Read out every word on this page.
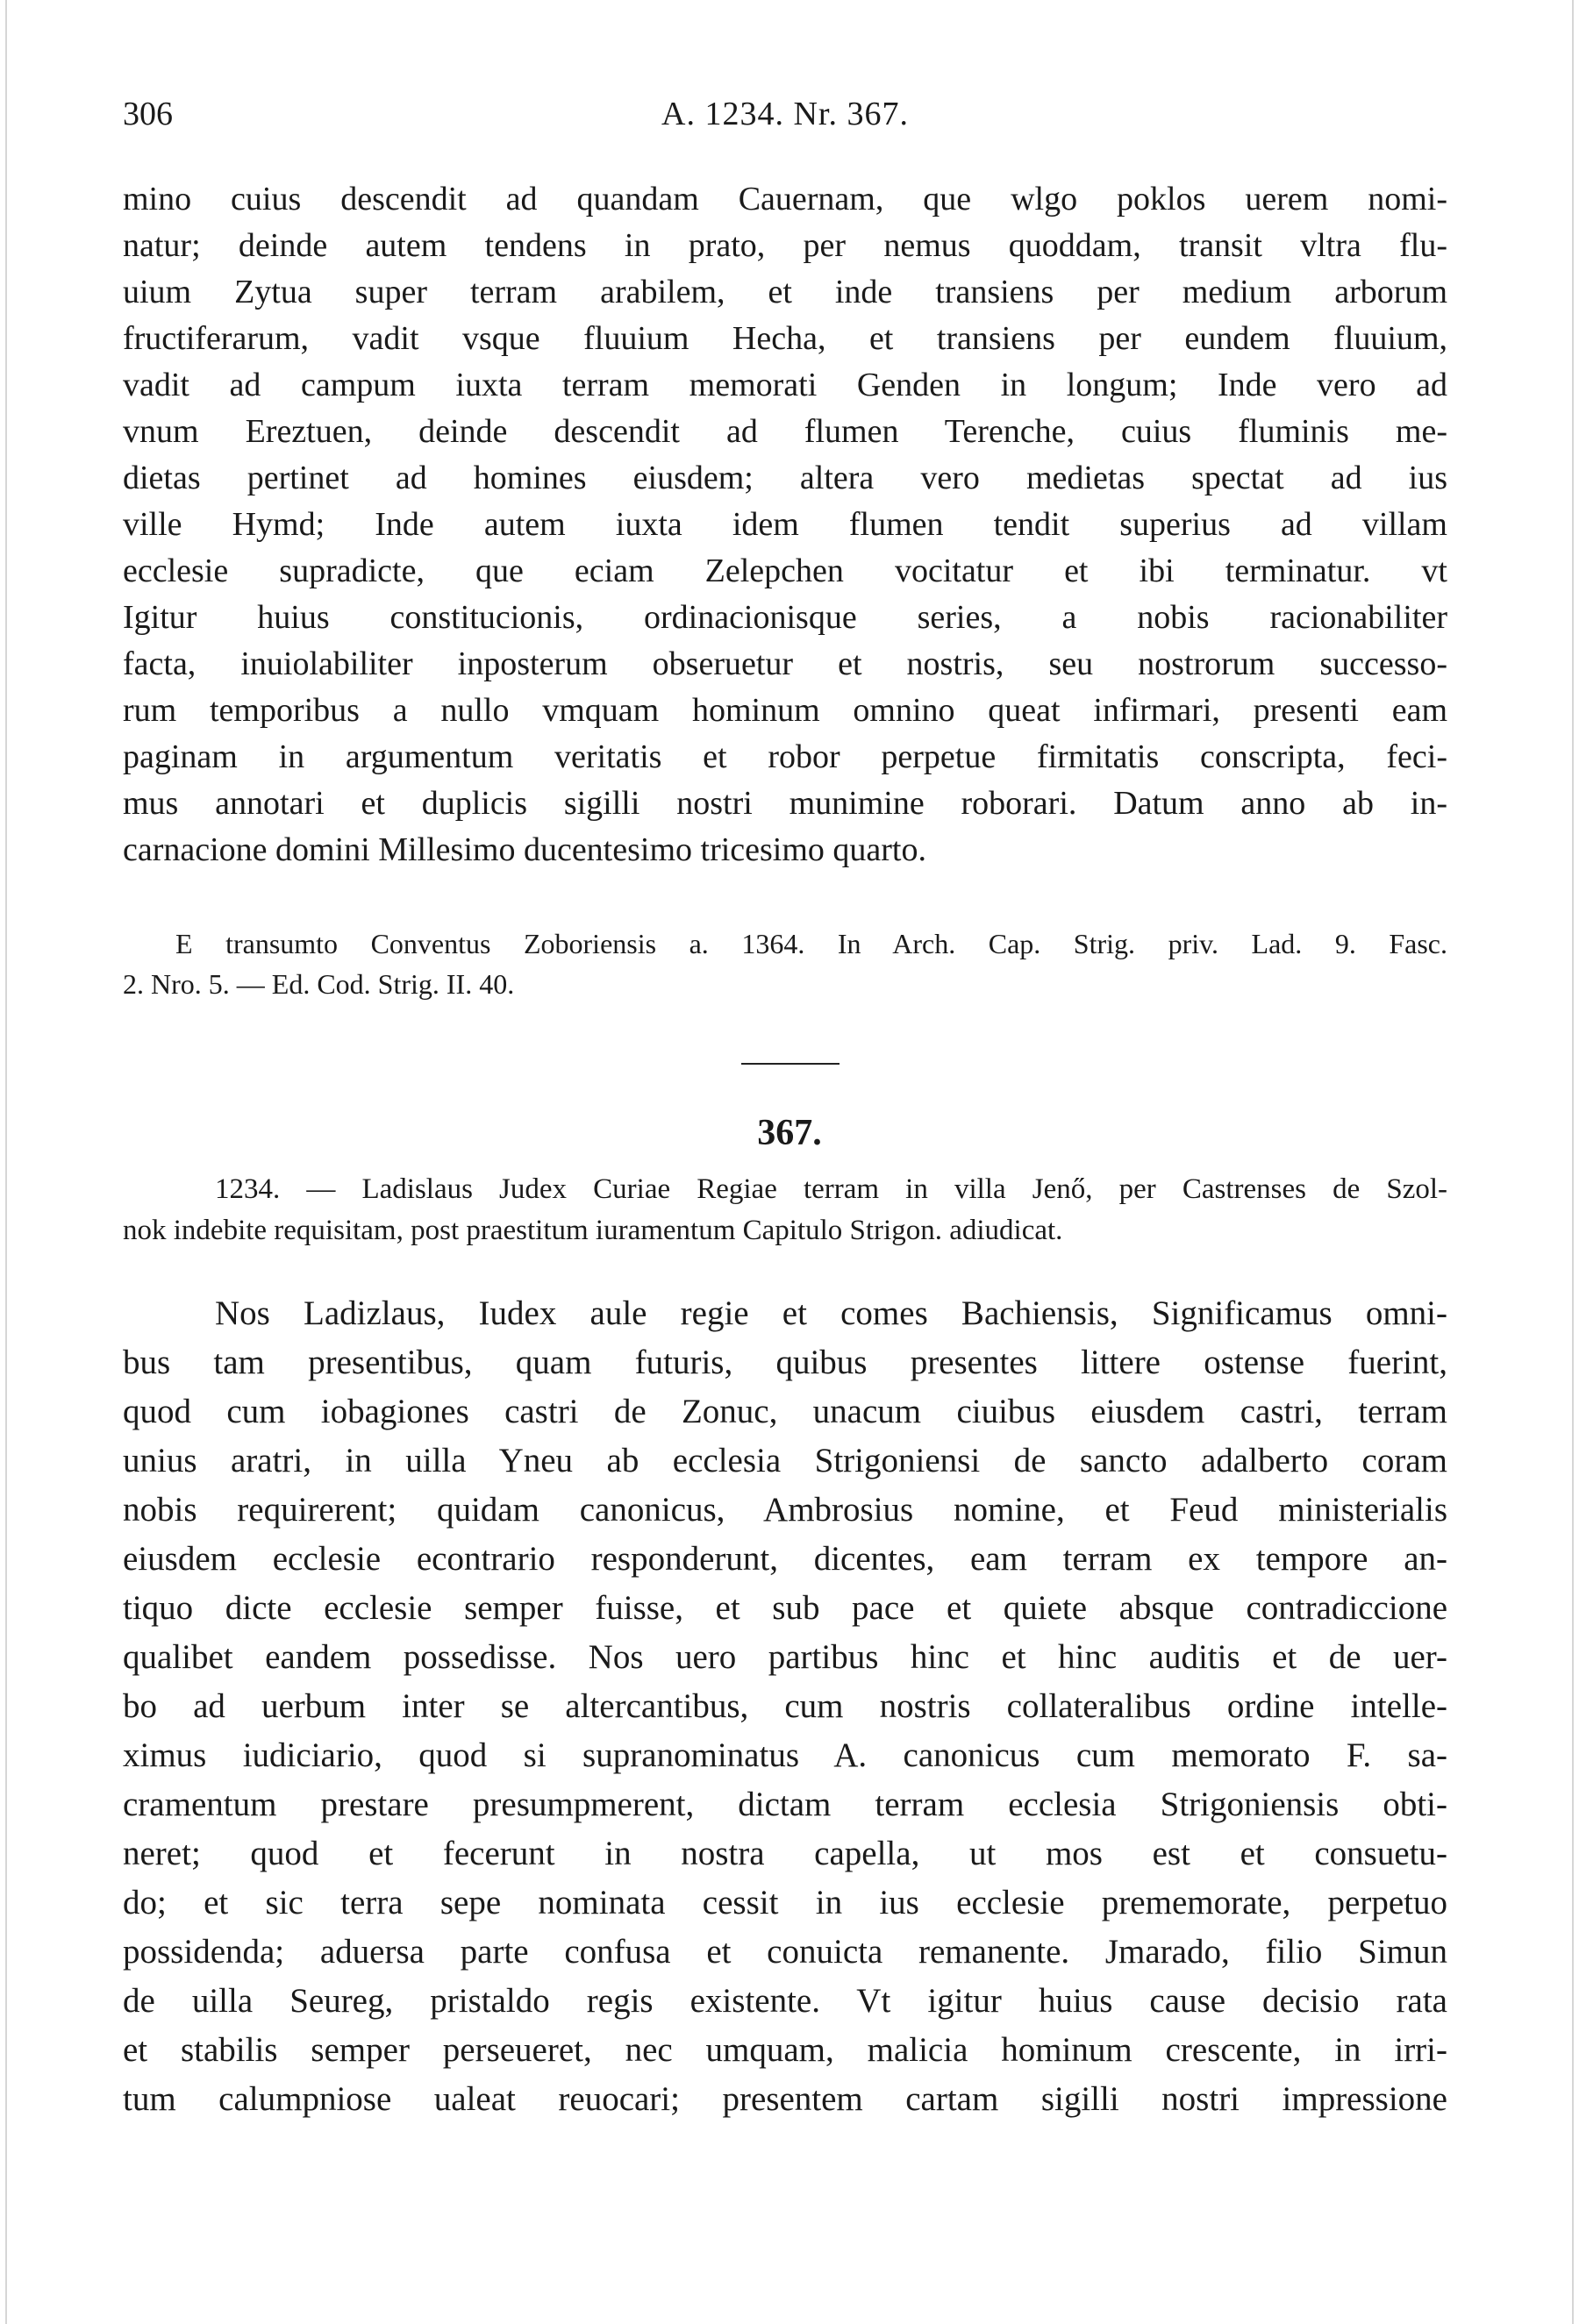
306	A. 1234. Nr. 367.
mino cuius descendit ad quandam Cauernam, que wlgo poklos uerem nomi-
natur; deinde autem tendens in prato, per nemus quoddam, transit vltra flu-
uium Zytua super terram arabilem, et inde transiens per medium arborum
fructiferarum, vadit vsque fluuium Hecha, et transiens per eundem fluuium,
vadit ad campum iuxta terram memorati Genden in longum; Inde vero ad
vnum Ereztuen, deinde descendit ad flumen Terenche, cuius fluminis me-
dietas pertinet ad homines eiusdem; altera vero medietas spectat ad ius
ville Hymd; Inde autem iuxta idem flumen tendit superius ad villam
ecclesie supradicte, que eciam Zelepchen vocitatur et ibi terminatur. vt
Igitur huius constitucionis, ordinacionisque series, a nobis racionabiliter
facta, inuiolabiliter inposterum obseruetur et nostris, seu nostrorum successo-
rum temporibus a nullo vmquam hominum omnino queat infirmari, presenti eam
paginam in argumentum veritatis et robor perpetue firmitatis conscripta, feci-
mus annotari et duplicis sigilli nostri munimine roborari. Datum anno ab in-
carnacione domini Millesimo ducentesimo tricesimo quarto.
E transumto Conventus Zoboriensis a. 1364. In Arch. Cap. Strig. priv. Lad. 9. Fasc.
2. Nro. 5. — Ed. Cod. Strig. II. 40.
367.
1234. — Ladislaus Judex Curiae Regiae terram in villa Jenő, per Castrenses de Szol-
nok indebite requisitam, post praestitum iuramentum Capitulo Strigon. adiudicat.
Nos Ladizlaus, Iudex aule regie et comes Bachiensis, Significamus omni-
bus tam presentibus, quam futuris, quibus presentes littere ostense fuerint,
quod cum iobagiones castri de Zonuc, unacum ciuibus eiusdem castri, terram
unius aratri, in uilla Yneu ab ecclesia Strigoniensi de sancto adalberto coram
nobis requirerent; quidam canonicus, Ambrosius nomine, et Feud ministerialis
eiusdem ecclesie econtrario responderunt, dicentes, eam terram ex tempore an-
tiquo dicte ecclesie semper fuisse, et sub pace et quiete absque contradiccione
qualibet eandem possedisse. Nos uero partibus hinc et hinc auditis et de uer-
bo ad uerbum inter se altercantibus, cum nostris collateralibus ordine intelle-
ximus iudiciario, quod si supranominatus A. canonicus cum memorato F. sa-
cramentum prestare presumpmerent, dictam terram ecclesia Strigoniensis obti-
neret; quod et fecerunt in nostra capella, ut mos est et consuetu-
do; et sic terra sepe nominata cessit in ius ecclesie prememorate, perpetuo
possidenda; aduersa parte confusa et conuicta remanente. Jmarado, filio Simun
de uilla Seureg, pristaldo regis existente. Vt igitur huius cause decisio rata
et stabilis semper perseueret, nec umquam, malicia hominum crescente, in irri-
tum calumpniose ualeat reuocari; presentem cartam sigilli nostri impressione
